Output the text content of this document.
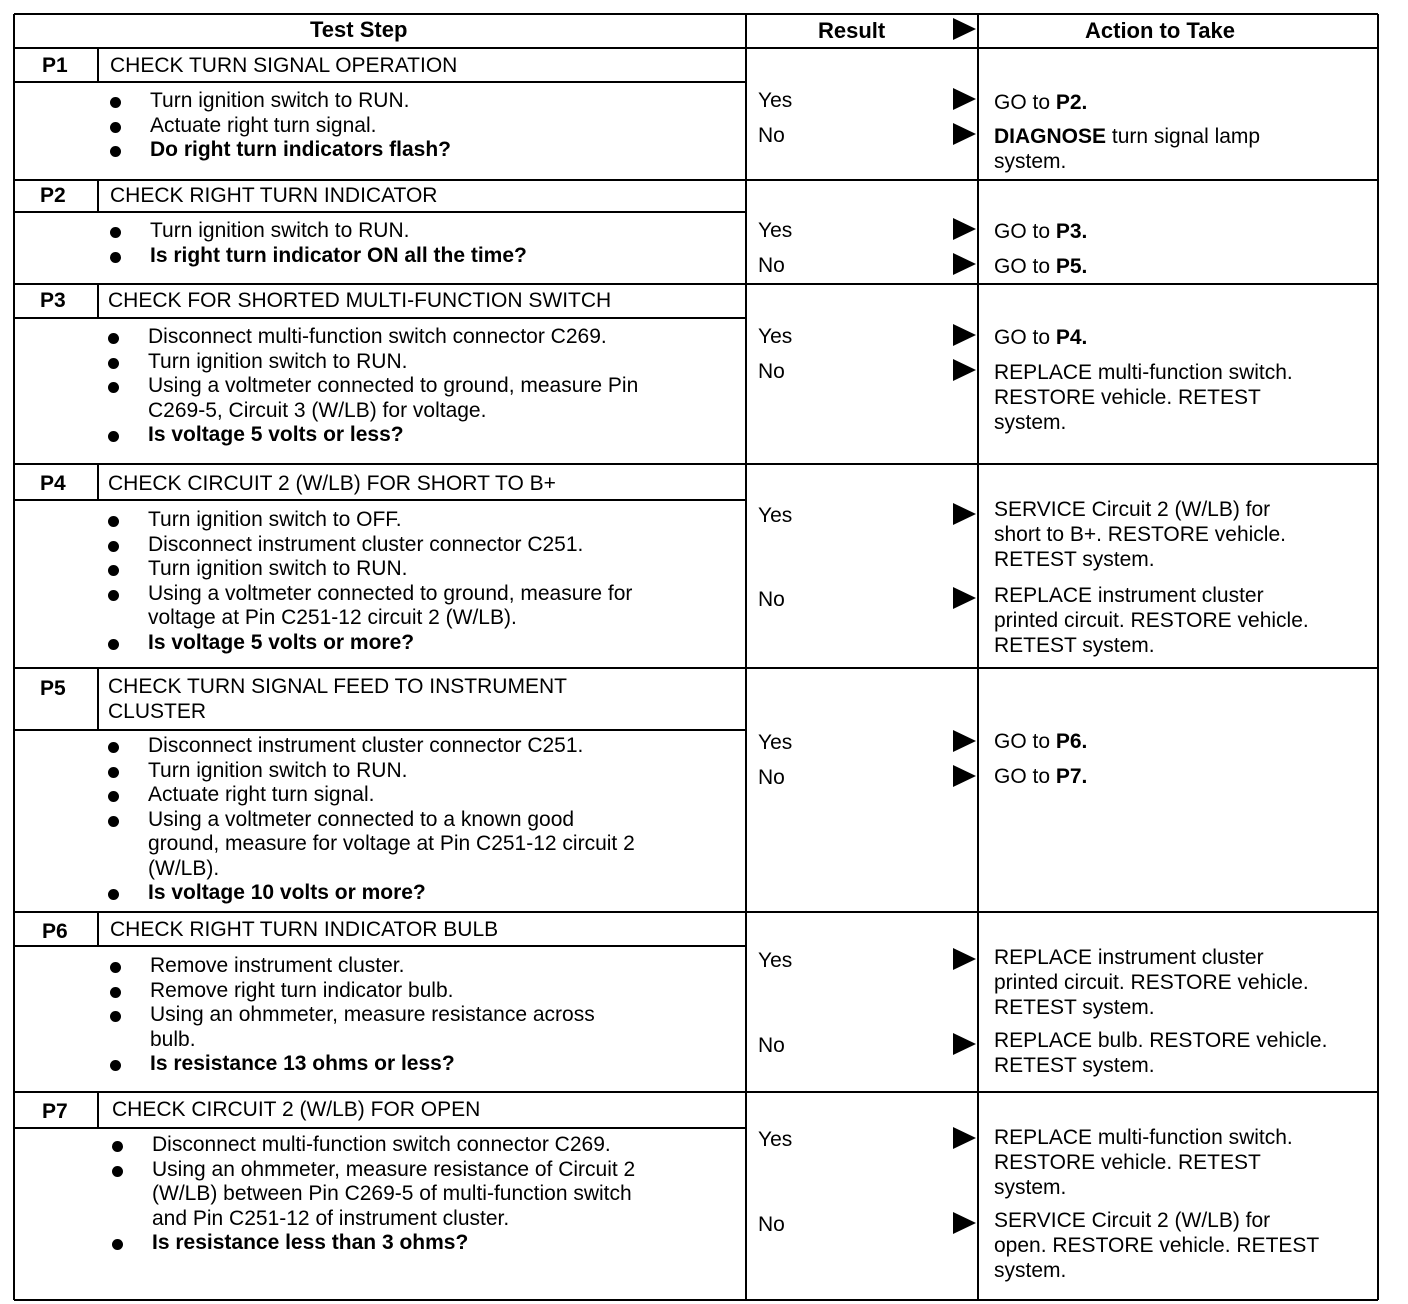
Test Step	Result	Action to Take
P1 CHECK TURN SIGNAL OPERATION
Turn ignition switch to RUN.
Actuate right turn signal.
Do right turn indicators flash?
Yes	GO to P2.
No	DIAGNOSE turn signal lamp
system.
P2 CHECK RIGHT TURN INDICATOR
Turn ignition switch to RUN.
Is right turn indicator ON all the time?
Yes	GO to P3.
No	GO to P5.
P3 CHECK FOR SHORTED MULTI-FUNCTION SWITCH
Disconnect multi-function switch connector C269.
Turn ignition switch to RUN.
Using a voltmeter connected to ground, measure Pin
C269-5, Circuit 3 (W/LB) for voltage.
Is voltage 5 volts or less?
Yes	GO to P4.
No	REPLACE multi-function switch.
RESTORE vehicle. RETEST
system.
P4 CHECK CIRCUIT 2 (W/LB) FOR SHORT TO B+
Turn ignition switch to OFF.
Disconnect instrument cluster connector C251.
Turn ignition switch to RUN.
Using a voltmeter connected to ground, measure for
voltage at Pin C251-12 circuit 2 (W/LB).
Is voltage 5 volts or more?
Yes	SERVICE Circuit 2 (W/LB) for
short to B+. RESTORE vehicle.
RETEST system.
No	REPLACE instrument cluster
printed circuit. RESTORE vehicle.
RETEST system.
P5 CHECK TURN SIGNAL FEED TO INSTRUMENT
CLUSTER
Disconnect instrument cluster connector C251.
Turn ignition switch to RUN.
Actuate right turn signal.
Using a voltmeter connected to a known good
ground, measure for voltage at Pin C251-12 circuit 2
(W/LB).
Is voltage 10 volts or more?
Yes	GO to P6.
No	GO to P7.
P6 CHECK RIGHT TURN INDICATOR BULB
Remove instrument cluster.
Remove right turn indicator bulb.
Using an ohmmeter, measure resistance across
bulb.
Is resistance 13 ohms or less?
Yes	REPLACE instrument cluster
printed circuit. RESTORE vehicle.
RETEST system.
No	REPLACE bulb. RESTORE vehicle.
RETEST system.
P7 CHECK CIRCUIT 2 (W/LB) FOR OPEN
Disconnect multi-function switch connector C269.
Using an ohmmeter, measure resistance of Circuit 2
(W/LB) between Pin C269-5 of multi-function switch
and Pin C251-12 of instrument cluster.
Is resistance less than 3 ohms?
Yes	REPLACE multi-function switch.
RESTORE vehicle. RETEST
system.
No	SERVICE Circuit 2 (W/LB) for
open. RESTORE vehicle. RETEST
system.
